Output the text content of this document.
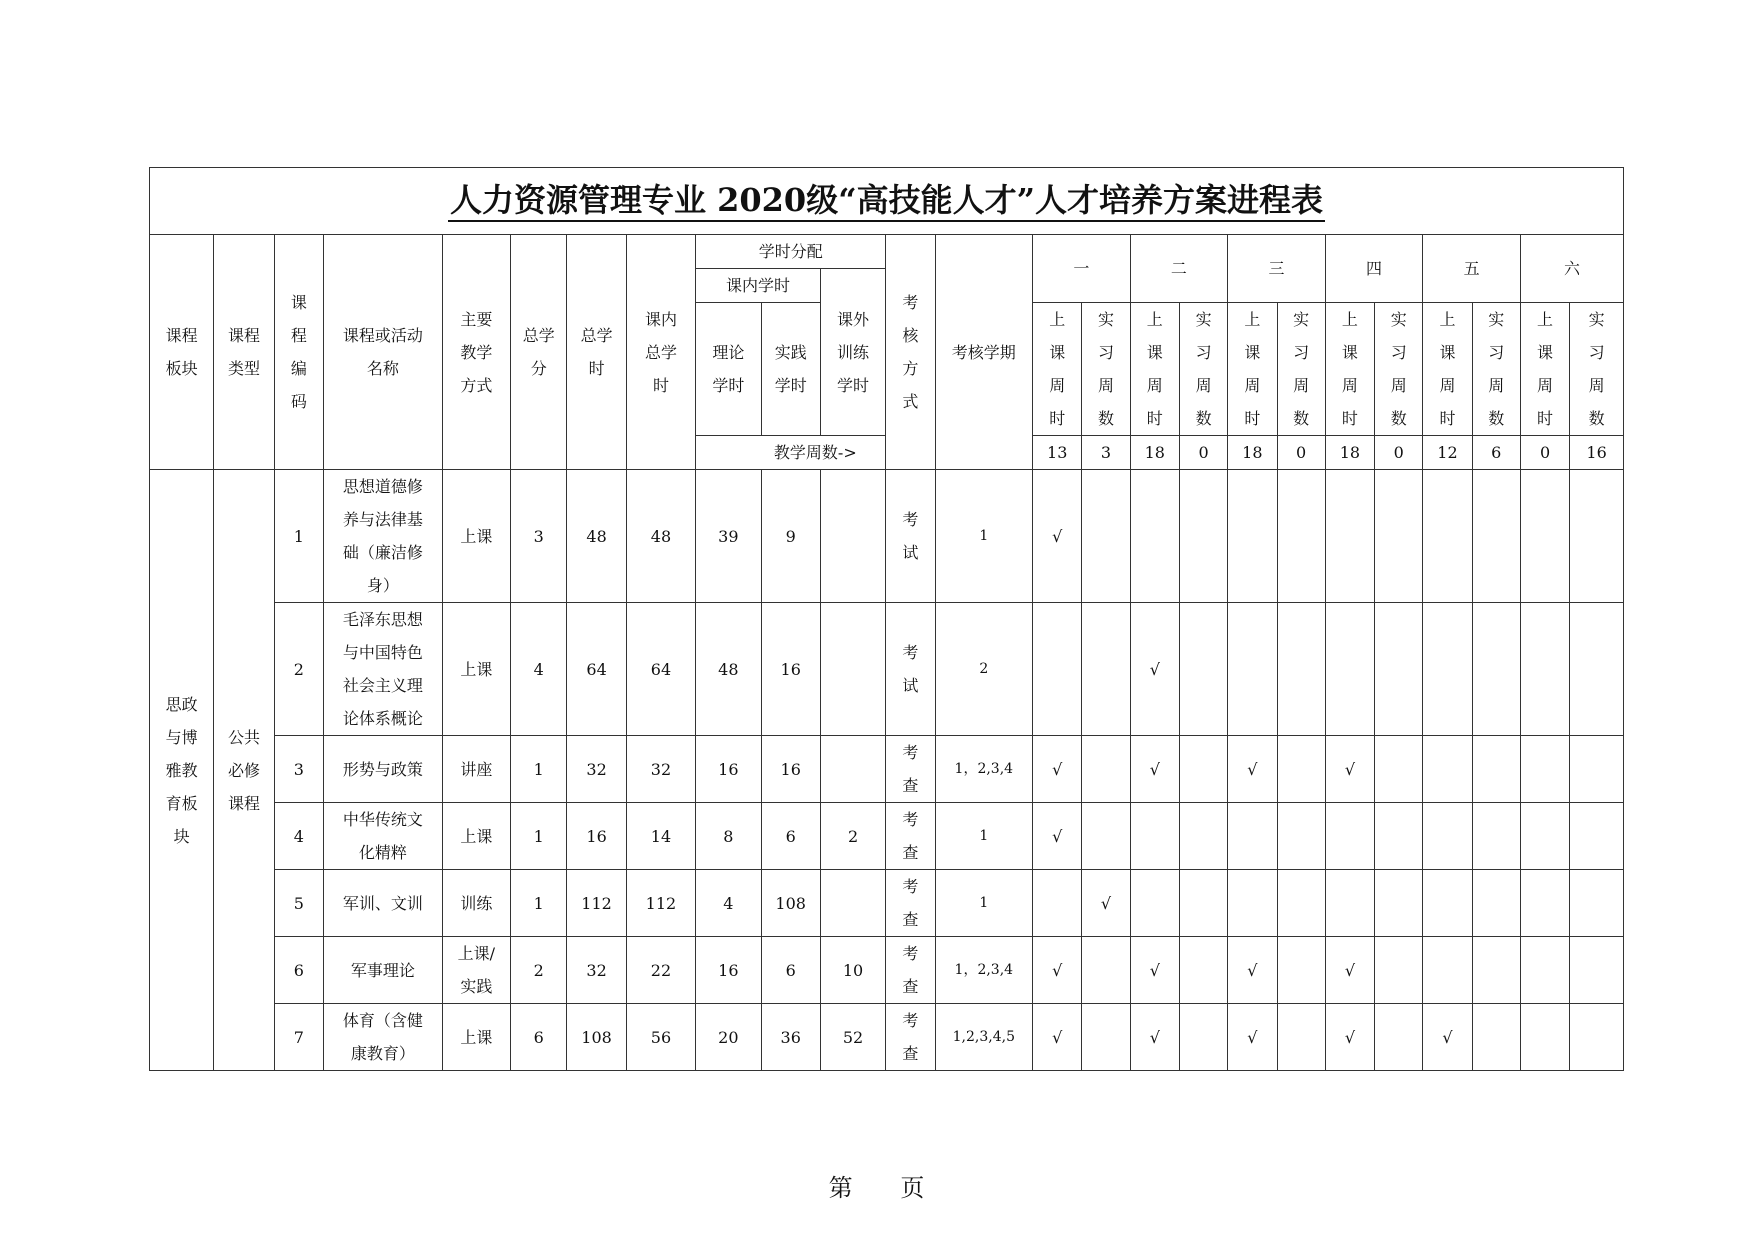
人力资源管理专业 2020级“高技能人才”人才培养方案进程表																								
课程板块	课程类型	课程编码	课程或活动名称	主要教学方式	总学分	总学时	课内总学时	学时分配			考核方式	考核学期	一		二		三		四		五		六	
								课内学时		课外训练学时														
								理论学时	实践学时				上课周时	实习周数	上课周时	实习周数	上课周时	实习周数	上课周时	实习周数	上课周时	实习周数	上课周时	实习周数
								教学周数->					13	3	18	0	18	0	18	0	12	6	0	16
思政与博雅教育板块	公共必修课程	1	思想道德修养与法律基础（廉洁修身）	上课	3	48	48	39	9		考试	1	√											
		2	毛泽东思想与中国特色社会主义理论体系概论	上课	4	64	64	48	16		考试	2			√									
		3	形势与政策	讲座	1	32	32	16	16		考查	1，2,3,4	√		√		√		√					
		4	中华传统文化精粹	上课	1	16	14	8	6	2	考查	1	√											
		5	军训、文训	训练	1	112	112	4	108		考查	1		√										
		6	军事理论	上课/实践	2	32	22	16	6	10	考查	1，2,3,4	√		√		√		√					
		7	体育（含健康教育）	上课	6	108	56	20	36	52	考查	1,2,3,4,5	√		√		√		√		√			
第 页
